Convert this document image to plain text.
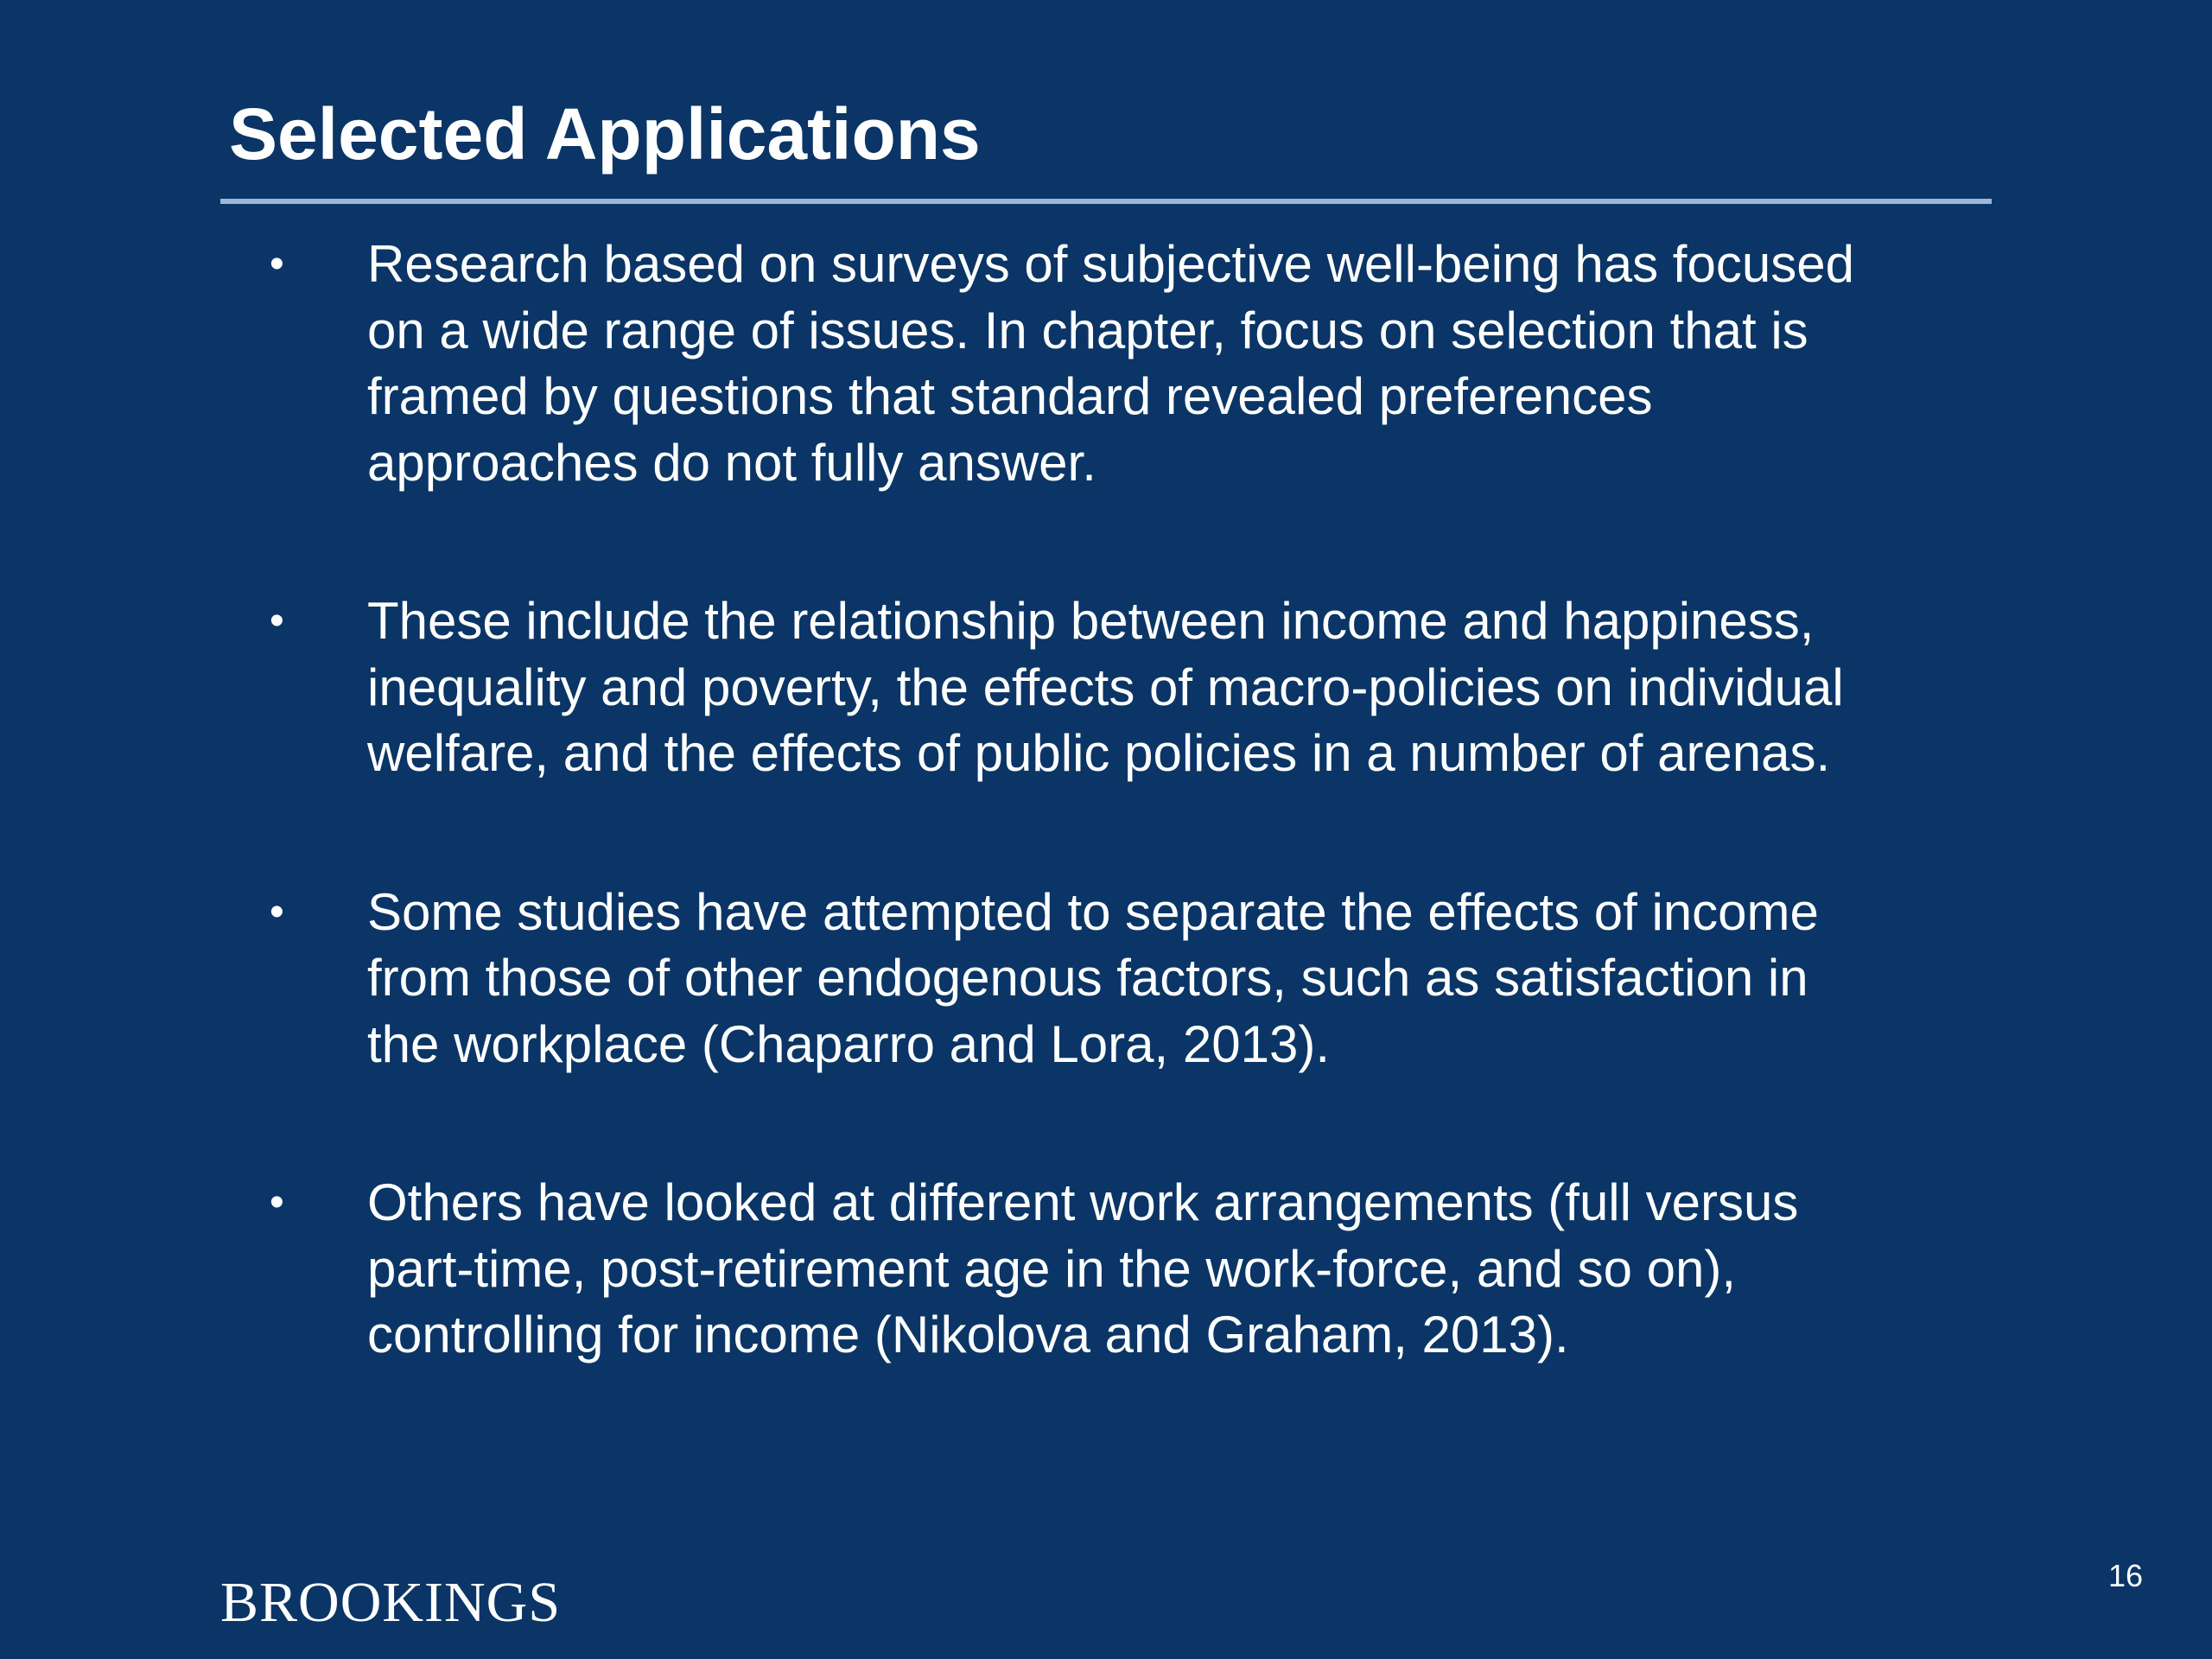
Selected Applications
• Research based on surveys of subjective well-being has focused
on a wide range of issues. In chapter, focus on selection that is
framed by questions that standard revealed preferences
approaches do not fully answer.
• These include the relationship between income and happiness,
inequality and poverty, the effects of macro-policies on individual
welfare, and the effects of public policies in a number of arenas.
• Some studies have attempted to separate the effects of income
from those of other endogenous factors, such as satisfaction in
the workplace (Chaparro and Lora, 2013).
• Others have looked at different work arrangements (full versus
part-time, post-retirement age in the work-force, and so on),
controlling for income (Nikolova and Graham, 2013).
BROOKINGS	16
